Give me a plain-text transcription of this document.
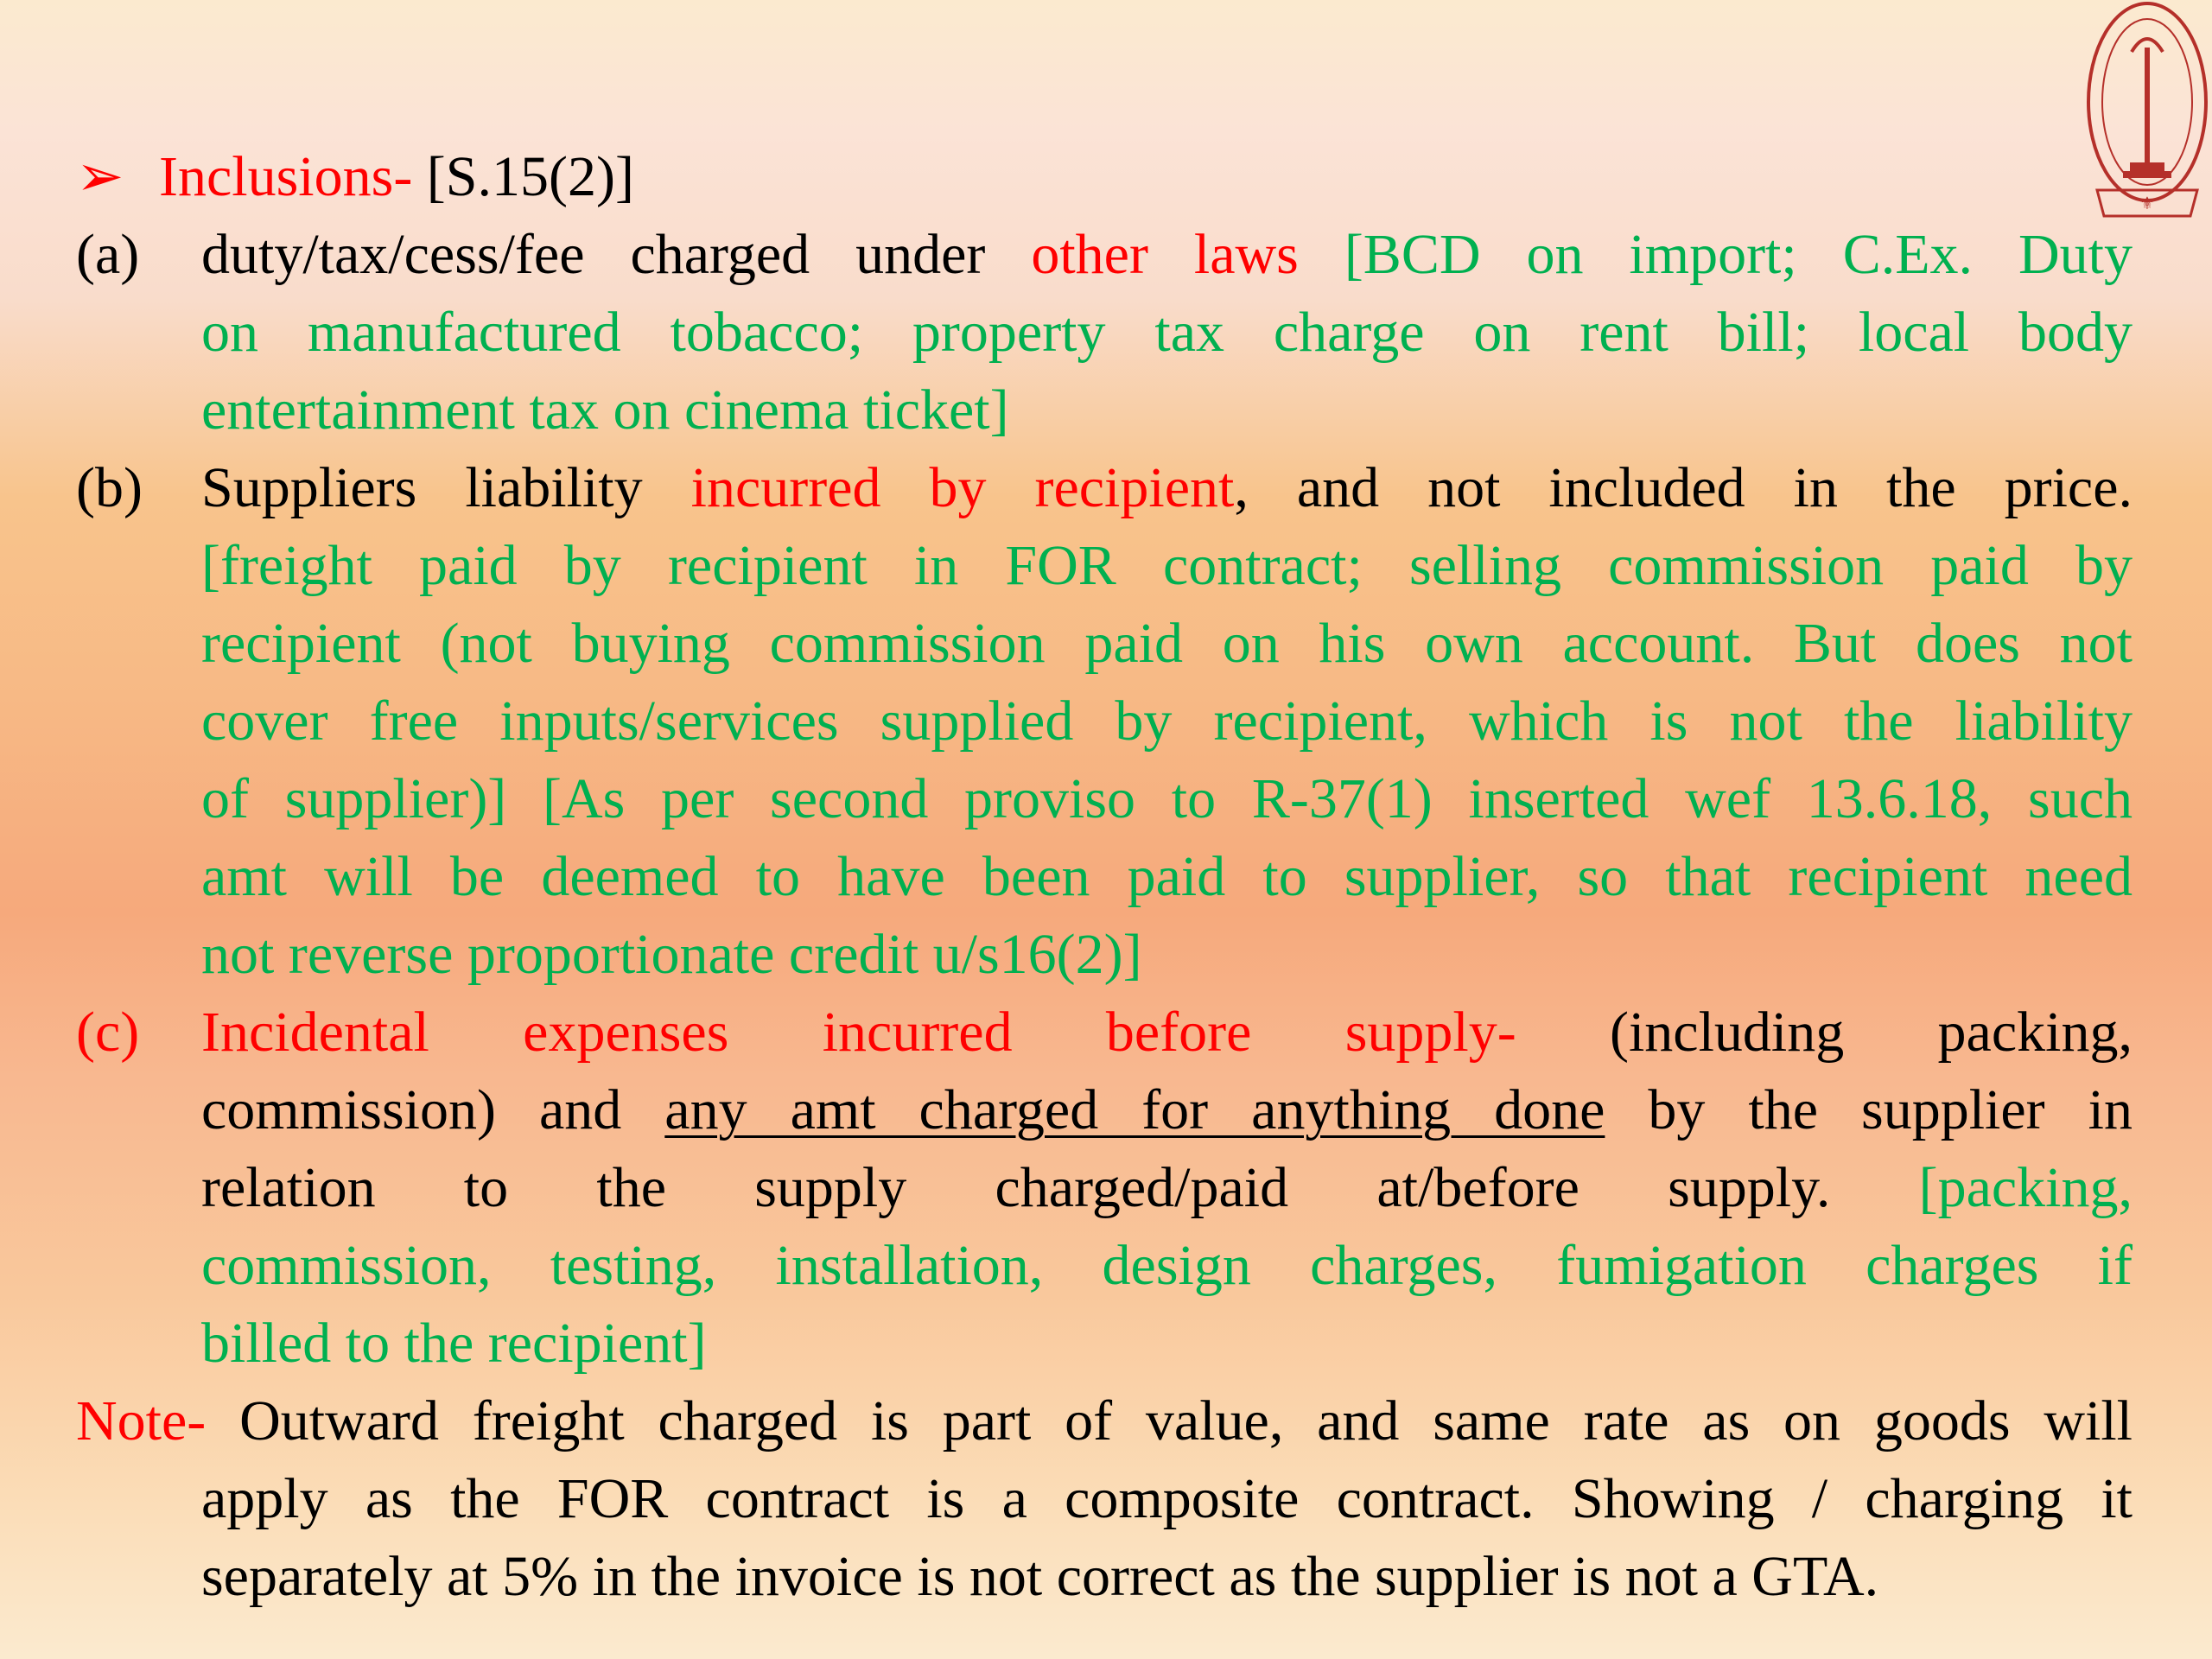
⚜
➢ Inclusions- [S.15(2)]
(a) duty/tax/cess/fee charged under other laws [BCD on import; C.Ex. Duty
on manufactured tobacco; property tax charge on rent bill; local body
entertainment tax on cinema ticket]
(b) Suppliers liability incurred by recipient, and not included in the price.
[freight paid by recipient in FOR contract; selling commission paid by
recipient (not buying commission paid on his own account. But does not
cover free inputs/services supplied by recipient, which is not the liability
of supplier)] [As per second proviso to R-37(1) inserted wef 13.6.18, such
amt will be deemed to have been paid to supplier, so that recipient need
not reverse proportionate credit u/s16(2)]
(c) Incidental expenses incurred before supply- (including packing,
commission) and any amt charged for anything done by the supplier in
relation to the supply charged/paid at/before supply. [packing,
commission, testing, installation, design charges, fumigation charges if
billed to the recipient]
Note- Outward freight charged is part of value, and same rate as on goods will
apply as the FOR contract is a composite contract. Showing / charging it
separately at 5% in the invoice is not correct as the supplier is not a GTA.
